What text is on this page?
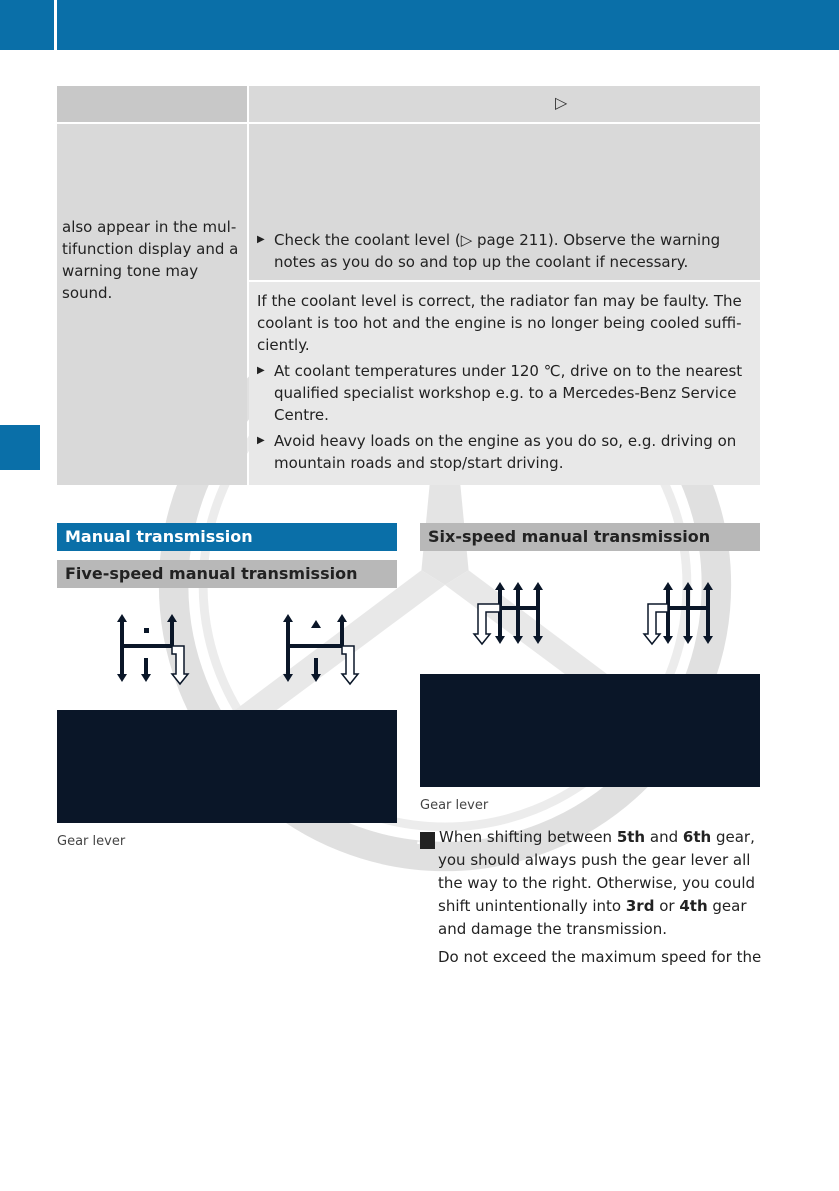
▷
also appear in the mul-tifunction display and a warning tone may sound.
▶ Check the coolant level (▷ page 211). Observe the warning notes as you do so and top up the coolant if necessary.

If the coolant level is correct, the radiator fan may be faulty. The coolant is too hot and the engine is no longer being cooled suffi-ciently.

▶ At coolant temperatures under 120 ℃, drive on to the nearest qualified specialist workshop e.g. to a Mercedes-Benz Service Centre.
▶ Avoid heavy loads on the engine as you do so, e.g. driving on mountain roads and stop/start driving.
Manual transmission
Five-speed manual transmission
Gear lever
Six-speed manual transmission
Gear lever

! When shifting between 5th and 6th gear, you should always push the gear lever all the way to the right. Otherwise, you could shift unintentionally into 3rd or 4th gear and damage the transmission.

Do not exceed the maximum speed for the
